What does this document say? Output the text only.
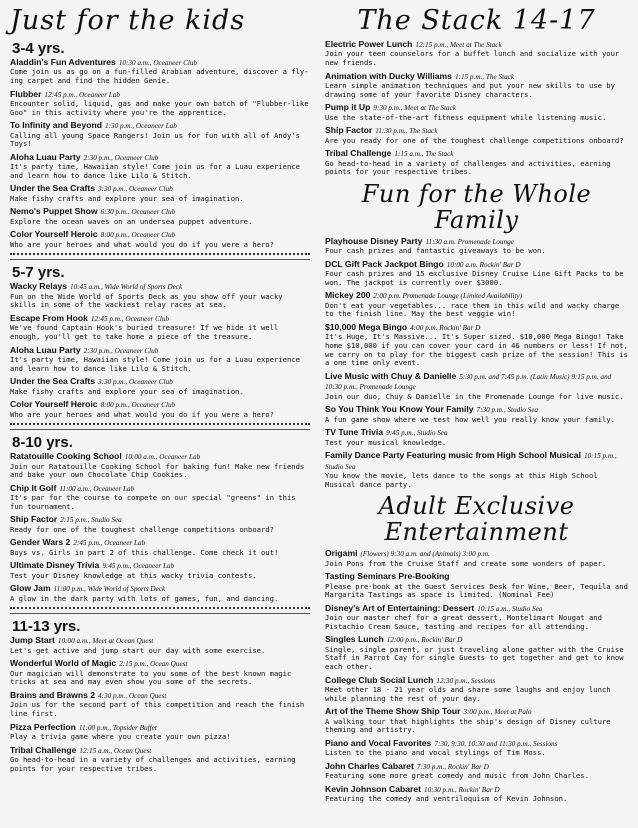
Just for the kids
3-4 yrs.
Aladdin's Fun Adventures 10:30 a.m., Oceaneer Club
Come join us as go on a fun-filled Arabian adventure, discover a fly-ing carpet and find the hidden Genie.
Flubber 12:45 p.m., Oceaneer Lab
Encounter solid, liquid, gas and make your own batch of "Flubber-like Goo" in this activity where you're the apprentice.
To Infinity and Beyond 1:30 p.m., Oceaneer Lab
Calling all young Space Rangers! Join us for fun with all of Andy's Toys!
Aloha Luau Party 2:30 p.m., Oceaneer Club
It's party time, Hawaiian style! Come join us for a Luau experience and learn how to dance like Lilo & Stitch.
Under the Sea Crafts 3:30 p.m., Oceaneer Club
Make fishy crafts and explore your sea of imagination.
Nemo's Puppet Show 6:30 p.m., Oceaneer Club
Explore the ocean waves on an undersea puppet adventure.
Color Yourself Heroic 8:00 p.m., Oceaneer Club
Who are your heroes and what would you do if you were a hero?
5-7 yrs.
Wacky Relays 10:45 a.m., Wide World of Sports Deck
Fun on the Wide World of Sports Deck as you show off your wacky skills in some of the wackiest relay races at sea.
Escape From Hook 12:45 p.m., Oceaneer Club
We've found Captain Hook's buried treasure! If we hide it well enough, you'll get to take home a piece of the treasure.
Aloha Luau Party 2:30 p.m., Oceaneer Club
It's party time, Hawaiian style! Come join us for a Luau experience and learn how to dance like Lilo & Stitch.
Under the Sea Crafts 3:30 p.m., Oceaneer Club
Make fishy crafts and explore your sea of imagination.
Color Yourself Heroic 8:00 p.m., Oceaneer Club
Who are your heroes and what would you do if you were a hero?
8-10 yrs.
Ratatouille Cooking School 10:00 a.m., Oceaneer Lab
Join our Ratatouille Cooking School for baking fun! Make new friends and bake your own Chocolate Chip Cookies.
Chip It Golf 11:00 a.m., Oceaneer Lab
It's par for the course to compete on our special "greens" in this fun tournament.
Ship Factor 2:15 p.m., Studio Sea
Ready for one of the toughest challenge competitions onboard?
Gender Wars 2 2:45 p.m., Oceaneer Lab
Boys vs. Girls in part 2 of this challenge. Come check it out!
Ultimate Disney Trivia 9:45 p.m., Oceaneer Lab
Test your Disney knowledge at this wacky trivia contests.
Glow Jam 11:00 p.m., Wide World of Sports Deck
A glow in the dark party with lots of games, fun, and dancing.
11-13 yrs.
Jump Start 10:00 a.m., Meet at Ocean Quest
Let's get active and jump start our day with some exercise.
Wonderful World of Magic 2:15 p.m., Ocean Quest
Our magician will demonstrate to you some of the best known magic tricks at sea and may even show you some of the secrets.
Brains and Brawns 2 4:30 p.m., Ocean Quest
Join us for the second part of this competition and reach the finish line first.
Pizza Perfection 11:00 p.m., Topsider Buffet
Play a trivia game where you create your own pizza!
Tribal Challenge 12:15 a.m., Ocean Quest
Go head-to-head in a variety of challenges and activities, earning points for your respective tribes.
The Stack 14-17
Electric Power Lunch 12:15 p.m., Meet at The Stack
Join your teen counselors for a buffet lunch and socialize with your new friends.
Animation with Ducky Williams 1:15 p.m., The Stack
Learn simple animation techniques and put your new skills to use by drawing some of your favorite Disney characters.
Pump it Up 9:30 p.m., Meet at The Stack
Use the state-of-the-art fitness equipment while listening music.
Ship Factor 11:30 p.m., The Stack
Are you ready for one of the toughest challenge competitions onboard?
Tribal Challenge 1:15 a.m., The Stack
Go head-to-head in a variety of challenges and activities, earning points for your respective tribes.
Fun for the Whole Family
Playhouse Disney Party 11:30 a.m. Promenade Lounge
Four cash prizes and fantastic giveaways to be won.
DCL Gift Pack Jackpot Bingo 10:00 a.m. Rockin' Bar D
Four cash prizes and 15 exclusive Disney Cruise Line Gift Packs to be won. The jackpot is currently over $3000.
Mickey 200 2:00 p.m. Promenade Lounge (Limited Availability)
Don't eat your vegetables... race them in this wild and wacky charge to the finish line. May the best veggie win!
$10,000 Mega Bingo 4:00 p.m. Rockin' Bar D
It's Huge, It's Massive... It's Super sized. $10,000 Mega Bingo! Take home $10,000 if you can cover your card in 46 numbers or less! If not, we carry on to play for the biggest cash prize of the session! This is a one time only event.
Live Music with Chuy & Danielle 5:30 p.m. and 7:45 p.m. (Latin Music) 9:15 p.m. and 10:30 p.m., Promenade Lounge
Join our duo, Chuy & Danielle in the Promenade Lounge for live music.
So You Think You Know Your Family 7:30 p.m., Studio Sea
A fun game show where we test how well you really know your family.
TV Tune Trivia 9:45 p.m., Studio Sea
Test your musical knowledge.
Family Dance Party Featuring music from High School Musical 10:15 p.m., Studio Sea
You know the movie, lets dance to the songs at this High School Musical dance party.
Adult Exclusive Entertainment
Origami (Flowers) 9:30 a.m. and (Animals) 3:00 p.m.
Join Pons from the Cruise Staff and create some wonders of paper.
Tasting Seminars Pre-Booking
Please pre-book at the Guest Services Desk for Wine, Beer, Tequila and Margarita Tastings as space is limited. (Nominal Fee)
Disney's Art of Entertaining: Dessert 10:15 a.m., Studio Sea
Join our master chef for a great dessert, Montelimart Nougat and Pistachio Cream Sauce, tasting and recipes for all attending.
Singles Lunch 12:00 p.m., Rockin' Bar D
Single, single parent, or just traveling alone gather with the Cruise Staff in Parrot Cay for single Guests to get together and get to know each other.
College Club Social Lunch 12:30 p.m., Sessions
Meet other 18 - 21 year olds and share some laughs and enjoy lunch while planning the rest of your day.
Art of the Theme Show Ship Tour 3:00 p.m., Meet at Palo
A walking tour that highlights the ship's design of Disney culture theming and artistry.
Piano and Vocal Favorites 7:30, 9:30, 10:30 and 11:30 p.m., Sessions
Listen to the piano and vocal stylings of Tim Moss.
John Charles Cabaret 7:30 p.m., Rockin' Bar D
Featuring some more great comedy and music from John Charles.
Kevin Johnson Cabaret 10:30 p.m., Rockin' Bar D
Featuring the comedy and ventriloquism of Kevin Johnson.
